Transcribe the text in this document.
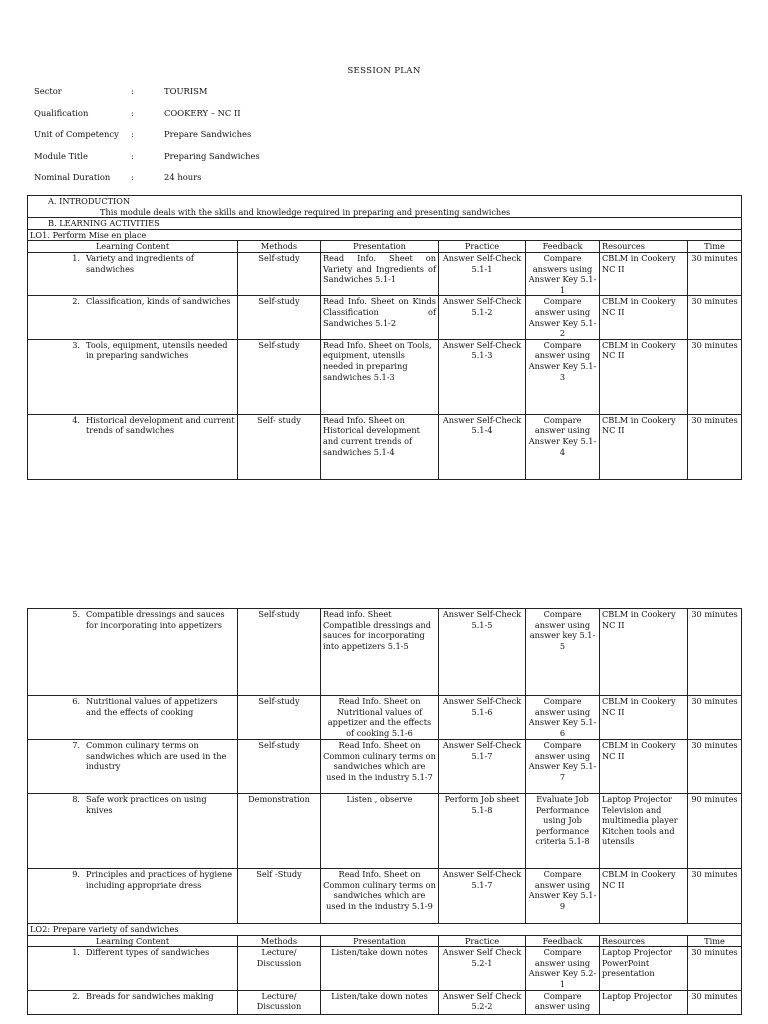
SESSION PLAN
Sector	:	TOURISM
Qualification	:	COOKERY – NC II
Unit of Competency	:	Prepare Sandwiches
Module Title	:	Preparing Sandwiches
Nominal Duration	:	24 hours
A. INTRODUCTION
This module deals with the skills and knowledge required in preparing and presenting sandwiches						

B. LEARNING ACTIVITIES						
LO1. Perform Mise en place						
Learning Content	Methods	Presentation	Practice	Feedback	Resources	Time

1. Variety and ingredients of sandwiches	Self-study	Read Info. Sheet on Variety and Ingredients of Sandwiches 5.1-1	Answer Self-Check 5.1-1	Compare answers using Answer Key 5.1-1	CBLM in Cookery NC II	30 minutes

2. Classification, kinds of sandwiches	Self-study	Read Info. Sheet on Kinds Classification of Sandwiches 5.1-2	Answer Self-Check 5.1-2	Compare answer using Answer Key 5.1-2	CBLM in Cookery NC II	30 minutes

3. Tools, equipment, utensils needed in preparing sandwiches	Self-study	Read Info. Sheet on Tools, equipment, utensils needed in preparing sandwiches 5.1-3	Answer Self-Check 5.1-3	Compare answer using Answer Key 5.1-3	CBLM in Cookery NC II	30 minutes

4. Historical development and current trends of sandwiches	Self- study	Read Info. Sheet on Historical development and current trends of sandwiches 5.1-4	Answer Self-Check 5.1-4	Compare answer using Answer Key 5.1-4	CBLM in Cookery NC II	30 minutes
5. Compatible dressings and sauces for incorporating into appetizers	Self-study	Read info. Sheet Compatible dressings and sauces for incorporating into appetizers 5.1-5	Answer Self-Check 5.1-5	Compare answer using answer key 5.1-5	CBLM in Cookery NC II	30 minutes

6. Nutritional values of appetizers and the effects of cooking	Self-study	Read Info. Sheet on Nutritional values of appetizer and the effects of cooking 5.1-6	Answer Self-Check 5.1-6	Compare answer using Answer Key 5.1-6	CBLM in Cookery NC II	30 minutes

7. Common culinary terms on sandwiches which are used in the industry	Self-study	Read Info. Sheet on Common culinary terms on sandwiches which are used in the industry 5.1-7	Answer Self-Check 5.1-7	Compare answer using Answer Key 5.1-7	CBLM in Cookery NC II	30 minutes

8. Safe work practices on using knives	Demonstration	Listen , observe	Perform Job sheet 5.1-8	Evaluate Job Performance using Job performance criteria 5.1-8	Laptop Projector Television and multimedia player Kitchen tools and utensils	90 minutes

9. Principles and practices of hygiene including appropriate dress	Self -Study	Read Info. Sheet on Common culinary terms on sandwiches which are used in the industry 5.1-9	Answer Self-Check 5.1-7	Compare answer using Answer Key 5.1-9	CBLM in Cookery NC II	30 minutes
LO2: Prepare variety of sandwiches						
Learning Content	Methods	Presentation	Practice	Feedback	Resources	Time

1. Different types of sandwiches	Lecture/ Discussion	Listen/take down notes	Answer Self Check 5.2-1	Compare answer using Answer Key 5.2-1	Laptop Projector PowerPoint presentation	30 minutes

2. Breads for sandwiches making	Lecture/ Discussion	Listen/take down notes	Answer Self Check 5.2-2	Compare answer using	Laptop Projector	30 minutes
